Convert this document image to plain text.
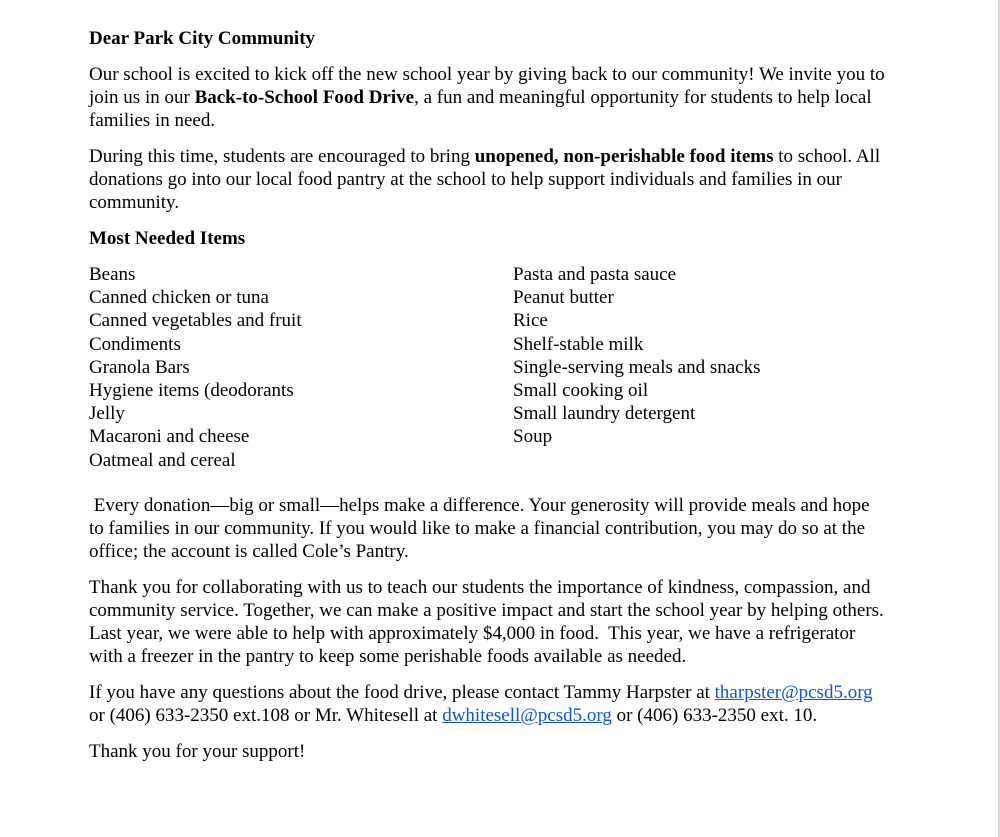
Dear Park City Community

Our school is excited to kick off the new school year by giving back to our community! We invite you to join us in our Back-to-School Food Drive, a fun and meaningful opportunity for students to help local families in need.

During this time, students are encouraged to bring unopened, non-perishable food items to school. All donations go into our local food pantry at the school to help support individuals and families in our community.

Most Needed Items

Beans
Canned chicken or tuna
Canned vegetables and fruit
Condiments
Granola Bars
Hygiene items (deodorants
Jelly
Macaroni and cheese
Oatmeal and cereal
Pasta and pasta sauce
Peanut butter
Rice
Shelf-stable milk
Single-serving meals and snacks
Small cooking oil
Small laundry detergent
Soup

Every donation—big or small—helps make a difference. Your generosity will provide meals and hope to families in our community. If you would like to make a financial contribution, you may do so at the office; the account is called Cole’s Pantry.

Thank you for collaborating with us to teach our students the importance of kindness, compassion, and community service. Together, we can make a positive impact and start the school year by helping others.  Last year, we were able to help with approximately $4,000 in food.  This year, we have a refrigerator with a freezer in the pantry to keep some perishable foods available as needed.

If you have any questions about the food drive, please contact Tammy Harpster at tharpster@pcsd5.org or (406) 633-2350 ext.108 or Mr. Whitesell at dwhitesell@pcsd5.org or (406) 633-2350 ext. 10.

Thank you for your support!
